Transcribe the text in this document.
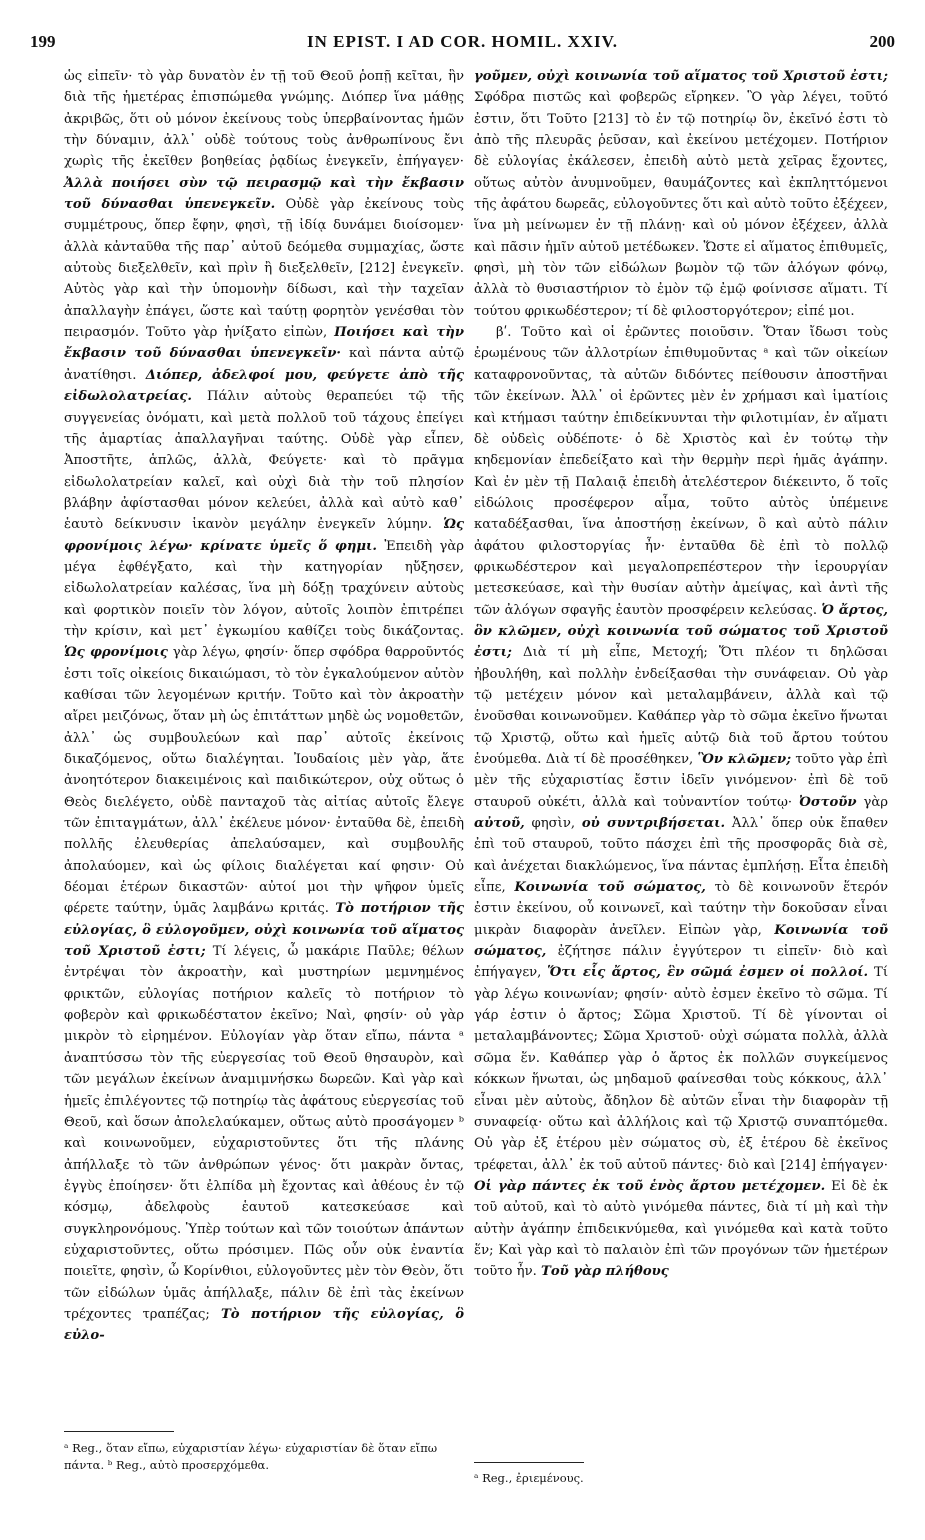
199	IN EPIST. I AD COR. HOMIL. XXIV.	200

ὡς εἰπεῖν· τὸ γὰρ δυνατὸν ἐν τῇ τοῦ Θεοῦ ῥοπῇ κεῖται, ἣν διὰ τῆς ἡμετέρας ἐπισπώμεθα γνώμης. Διόπερ ἵνα μάθῃς ἀκριβῶς, ὅτι οὐ μόνον ἐκείνους τοὺς ὑπερβαίνοντας ἡμῶν τὴν δύναμιν, ἀλλ᾽ οὐδὲ τούτους τοὺς ἀνθρωπίνους ἔνι χωρὶς τῆς ἐκεῖθεν βοηθείας ῥᾳδίως ἐνεγκεῖν, ἐπήγαγεν· Ἀλλὰ ποιήσει σὺν τῷ πειρασμῷ καὶ τὴν ἔκβασιν τοῦ δύνασθαι ὑπενεγκεῖν. Οὐδὲ γὰρ ἐκείνους τοὺς συμμέτρους, ὅπερ ἔφην, φησὶ, τῇ ἰδίᾳ δυνάμει διοίσομεν· ἀλλὰ κἀνταῦθα τῆς παρ᾽ αὐτοῦ δεόμεθα συμμαχίας, ὥστε αὐτοὺς διεξελθεῖν, καὶ πρὶν ἢ διεξελθεῖν, [212] ἐνεγκεῖν. Αὐτὸς γὰρ καὶ τὴν ὑπομονὴν δίδωσι, καὶ τὴν ταχεῖαν ἀπαλλαγὴν ἐπάγει, ὥστε καὶ ταύτῃ φορητὸν γενέσθαι τὸν πειρασμόν. Τοῦτο γὰρ ἠνίξατο εἰπὼν, Ποιήσει καὶ τὴν ἔκβασιν τοῦ δύνασθαι ὑπενεγκεῖν· καὶ πάντα αὐτῷ ἀνατίθησι. Διόπερ, ἀδελφοί μου, φεύγετε ἀπὸ τῆς εἰδωλολατρείας. Πάλιν αὐτοὺς θεραπεύει τῷ τῆς συγγενείας ὀνόματι, καὶ μετὰ πολλοῦ τοῦ τάχους ἐπείγει τῆς ἁμαρτίας ἀπαλλαγῆναι ταύτης. Οὐδὲ γὰρ εἶπεν, Ἀποστῆτε, ἁπλῶς, ἀλλὰ, Φεύγετε· καὶ τὸ πρᾶγμα εἰδωλολατρείαν καλεῖ, καὶ οὐχὶ διὰ τὴν τοῦ πλησίον βλάβην ἀφίστασθαι μόνον κελεύει, ἀλλὰ καὶ αὐτὸ καθ᾽ ἑαυτὸ δείκνυσιν ἱκανὸν μεγάλην ἐνεγκεῖν λύμην. Ὡς φρονίμοις λέγω· κρίνατε ὑμεῖς ὅ φημι. Ἐπειδὴ γὰρ μέγα ἐφθέγξατο, καὶ τὴν κατηγορίαν ηὔξησεν, εἰδωλολατρείαν καλέσας, ἵνα μὴ δόξῃ τραχύνειν αὐτοὺς καὶ φορτικὸν ποιεῖν τὸν λόγον, αὐτοῖς λοιπὸν ἐπιτρέπει τὴν κρίσιν, καὶ μετ᾽ ἐγκωμίου καθίζει τοὺς δικάζοντας. Ὡς φρονίμοις γὰρ λέγω, φησίν· ὅπερ σφόδρα θαρροῦντός ἐστι τοῖς οἰκείοις δικαιώμασι, τὸ τὸν ἐγκαλούμενον αὐτὸν καθίσαι τῶν λεγομένων κριτήν. Τοῦτο καὶ τὸν ἀκροατὴν αἴρει μειζόνως, ὅταν μὴ ὡς ἐπιτάττων μηδὲ ὡς νομοθετῶν, ἀλλ᾽ ὡς συμβουλεύων καὶ παρ᾽ αὐτοῖς ἐκείνοις δικαζόμενος, οὕτω διαλέγηται. Ἰουδαίοις μὲν γὰρ, ἅτε ἀνοητότερον διακειμένοις καὶ παιδικώτερον, οὐχ οὕτως ὁ Θεὸς διελέγετο, οὐδὲ πανταχοῦ τὰς αἰτίας αὐτοῖς ἔλεγε τῶν ἐπιταγμάτων, ἀλλ᾽ ἐκέλευε μόνον· ἐνταῦθα δὲ, ἐπειδὴ πολλῆς ἐλευθερίας ἀπελαύσαμεν, καὶ συμβουλῆς ἀπολαύομεν, καὶ ὡς φίλοις διαλέγεται καί φησιν· Οὐ δέομαι ἑτέρων δικαστῶν· αὐτοί μοι τὴν ψῆφον ὑμεῖς φέρετε ταύτην, ὑμᾶς λαμβάνω κριτάς. Τὸ ποτήριον τῆς εὐλογίας, ὃ εὐλογοῦμεν, οὐχὶ κοινωνία τοῦ αἵματος τοῦ Χριστοῦ ἐστι; Τί λέγεις, ὦ μακάριε Παῦλε; θέλων ἐντρέψαι τὸν ἀκροατὴν, καὶ μυστηρίων μεμνημένος φρικτῶν, εὐλογίας ποτήριον καλεῖς τὸ ποτήριον τὸ φοβερὸν καὶ φρικωδέστατον ἐκεῖνο; Ναὶ, φησίν· οὐ γὰρ μικρὸν τὸ εἰρημένον. Εὐλογίαν γὰρ ὅταν εἴπω, πάντα ᵃ ἀναπτύσσω τὸν τῆς εὐεργεσίας τοῦ Θεοῦ θησαυρὸν, καὶ τῶν μεγάλων ἐκείνων ἀναμιμνήσκω δωρεῶν. Καὶ γὰρ καὶ ἡμεῖς ἐπιλέγοντες τῷ ποτηρίῳ τὰς ἀφάτους εὐεργεσίας τοῦ Θεοῦ, καὶ ὅσων ἀπολελαύκαμεν, οὕτως αὐτὸ προσάγομεν ᵇ καὶ κοινωνοῦμεν, εὐχαριστοῦντες ὅτι τῆς πλάνης ἀπήλλαξε τὸ τῶν ἀνθρώπων γένος· ὅτι μακρὰν ὄντας, ἐγγὺς ἐποίησεν· ὅτι ἐλπίδα μὴ ἔχοντας καὶ ἀθέους ἐν τῷ κόσμῳ, ἀδελφοὺς ἑαυτοῦ κατεσκεύασε καὶ συγκληρονόμους. Ὑπὲρ τούτων καὶ τῶν τοιούτων ἁπάντων εὐχαριστοῦντες, οὕτω πρόσιμεν. Πῶς οὖν οὐκ ἐναντία ποιεῖτε, φησὶν, ὦ Κορίνθιοι, εὐλογοῦντες μὲν τὸν Θεὸν, ὅτι τῶν εἰδώλων ὑμᾶς ἀπήλλαξε, πάλιν δὲ ἐπὶ τὰς ἐκείνων τρέχοντες τραπέζας; Τὸ ποτήριον τῆς εὐλογίας, ὃ εὐλο-

γοῦμεν, οὐχὶ κοινωνία τοῦ αἵματος τοῦ Χριστοῦ ἐστι; Σφόδρα πιστῶς καὶ φοβερῶς εἴρηκεν. Ὃ γὰρ λέγει, τοῦτό ἐστιν, ὅτι Τοῦτο [213] τὸ ἐν τῷ ποτηρίῳ ὂν, ἐκεῖνό ἐστι τὸ ἀπὸ τῆς πλευρᾶς ῥεῦσαν, καὶ ἐκείνου μετέχομεν. Ποτήριον δὲ εὐλογίας ἐκάλεσεν, ἐπειδὴ αὐτὸ μετὰ χεῖρας ἔχοντες, οὕτως αὐτὸν ἀνυμνοῦμεν, θαυμάζοντες καὶ ἐκπληττόμενοι τῆς ἀφάτου δωρεᾶς, εὐλογοῦντες ὅτι καὶ αὐτὸ τοῦτο ἐξέχεεν, ἵνα μὴ μείνωμεν ἐν τῇ πλάνῃ· καὶ οὐ μόνον ἐξέχεεν, ἀλλὰ καὶ πᾶσιν ἡμῖν αὐτοῦ μετέδωκεν. Ὥστε εἰ αἵματος ἐπιθυμεῖς, φησὶ, μὴ τὸν τῶν εἰδώλων βωμὸν τῷ τῶν ἀλόγων φόνῳ, ἀλλὰ τὸ θυσιαστήριον τὸ ἐμὸν τῷ ἐμῷ φοίνισσε αἵματι. Τί τούτου φρικωδέστερον; τί δὲ φιλοστοργότερον; εἰπέ μοι.

βʹ. Τοῦτο καὶ οἱ ἐρῶντες ποιοῦσιν. Ὅταν ἴδωσι τοὺς ἐρωμένους τῶν ἀλλοτρίων ἐπιθυμοῦντας ᵃ καὶ τῶν οἰκείων καταφρονοῦντας, τὰ αὐτῶν διδόντες πείθουσιν ἀποστῆναι τῶν ἐκείνων. Ἀλλ᾽ οἱ ἐρῶντες μὲν ἐν χρήμασι καὶ ἱματίοις καὶ κτήμασι ταύτην ἐπιδείκνυνται τὴν φιλοτιμίαν, ἐν αἵματι δὲ οὐδεὶς οὐδέποτε· ὁ δὲ Χριστὸς καὶ ἐν τούτῳ τὴν κηδεμονίαν ἐπεδείξατο καὶ τὴν θερμὴν περὶ ἡμᾶς ἀγάπην. Καὶ ἐν μὲν τῇ Παλαιᾷ ἐπειδὴ ἀτελέστερον διέκειντο, ὅ τοῖς εἰδώλοις προσέφερον αἷμα, τοῦτο αὐτὸς ὑπέμεινε καταδέξασθαι, ἵνα ἀποστήσῃ ἐκείνων, ὃ καὶ αὐτὸ πάλιν ἀφάτου φιλοστοργίας ἦν· ἐνταῦθα δὲ ἐπὶ τὸ πολλῷ φρικωδέστερον καὶ μεγαλοπρεπέστερον τὴν ἱερουργίαν μετεσκεύασε, καὶ τὴν θυσίαν αὐτὴν ἀμείψας, καὶ ἀντὶ τῆς τῶν ἀλόγων σφαγῆς ἑαυτὸν προσφέρειν κελεύσας. Ὁ ἄρτος, ὃν κλῶμεν, οὐχὶ κοινωνία τοῦ σώματος τοῦ Χριστοῦ ἐστι; Διὰ τί μὴ εἶπε, Μετοχή; Ὅτι πλέον τι δηλῶσαι ἠβουλήθη, καὶ πολλὴν ἐνδείξασθαι τὴν συνάφειαν. Οὐ γὰρ τῷ μετέχειν μόνον καὶ μεταλαμβάνειν, ἀλλὰ καὶ τῷ ἑνοῦσθαι κοινωνοῦμεν. Καθάπερ γὰρ τὸ σῶμα ἐκεῖνο ἥνωται τῷ Χριστῷ, οὕτω καὶ ἡμεῖς αὐτῷ διὰ τοῦ ἄρτου τούτου ἑνούμεθα. Διὰ τί δὲ προσέθηκεν, Ὃν κλῶμεν; τοῦτο γὰρ ἐπὶ μὲν τῆς εὐχαριστίας ἔστιν ἰδεῖν γινόμενον· ἐπὶ δὲ τοῦ σταυροῦ οὐκέτι, ἀλλὰ καὶ τοὐναντίον τούτῳ· Ὀστοῦν γὰρ αὐτοῦ, φησὶν, οὐ συντριβήσεται. Ἀλλ᾽ ὅπερ οὐκ ἔπαθεν ἐπὶ τοῦ σταυροῦ, τοῦτο πάσχει ἐπὶ τῆς προσφορᾶς διὰ σὲ, καὶ ἀνέχεται διακλώμενος, ἵνα πάντας ἐμπλήσῃ. Εἶτα ἐπειδὴ εἶπε, Κοινωνία τοῦ σώματος, τὸ δὲ κοινωνοῦν ἕτερόν ἐστιν ἐκείνου, οὗ κοινωνεῖ, καὶ ταύτην τὴν δοκοῦσαν εἶναι μικρὰν διαφορὰν ἀνεῖλεν. Εἰπὼν γὰρ, Κοινωνία τοῦ σώματος, ἐζήτησε πάλιν ἐγγύτερον τι εἰπεῖν· διὸ καὶ ἐπήγαγεν, Ὅτι εἷς ἄρτος, ἓν σῶμά ἐσμεν οἱ πολλοί. Τί γὰρ λέγω κοινωνίαν; φησίν· αὐτὸ ἐσμεν ἐκεῖνο τὸ σῶμα. Τί γάρ ἐστιν ὁ ἄρτος; Σῶμα Χριστοῦ. Τί δὲ γίνονται οἱ μεταλαμβάνοντες; Σῶμα Χριστοῦ· οὐχὶ σώματα πολλὰ, ἀλλὰ σῶμα ἕν. Καθάπερ γὰρ ὁ ἄρτος ἐκ πολλῶν συγκείμενος κόκκων ἥνωται, ὡς μηδαμοῦ φαίνεσθαι τοὺς κόκκους, ἀλλ᾽ εἶναι μὲν αὐτοὺς, ἄδηλον δὲ αὐτῶν εἶναι τὴν διαφορὰν τῇ συναφείᾳ· οὕτω καὶ ἀλλήλοις καὶ τῷ Χριστῷ συναπτόμεθα. Οὐ γὰρ ἐξ ἑτέρου μὲν σώματος σὺ, ἐξ ἑτέρου δὲ ἐκεῖνος τρέφεται, ἀλλ᾽ ἐκ τοῦ αὐτοῦ πάντες· διὸ καὶ [214] ἐπήγαγεν· Οἱ γὰρ πάντες ἐκ τοῦ ἑνὸς ἄρτου μετέχομεν. Εἰ δὲ ἐκ τοῦ αὐτοῦ, καὶ τὸ αὐτὸ γινόμεθα πάντες, διὰ τί μὴ καὶ τὴν αὐτὴν ἀγάπην ἐπιδεικνύμεθα, καὶ γινόμεθα καὶ κατὰ τοῦτο ἕν; Καὶ γὰρ καὶ τὸ παλαιὸν ἐπὶ τῶν προγόνων τῶν ἡμετέρων τοῦτο ἦν. Τοῦ γὰρ πλήθους

ᵃ Reg., ὅταν εἴπω, εὐχαριστίαν λέγω· εὐχαριστίαν δὲ ὅταν εἴπω πάντα. ᵇ Reg., αὐτὸ προσερχόμεθα.
ᵃ Reg., ἐριεμένους.
